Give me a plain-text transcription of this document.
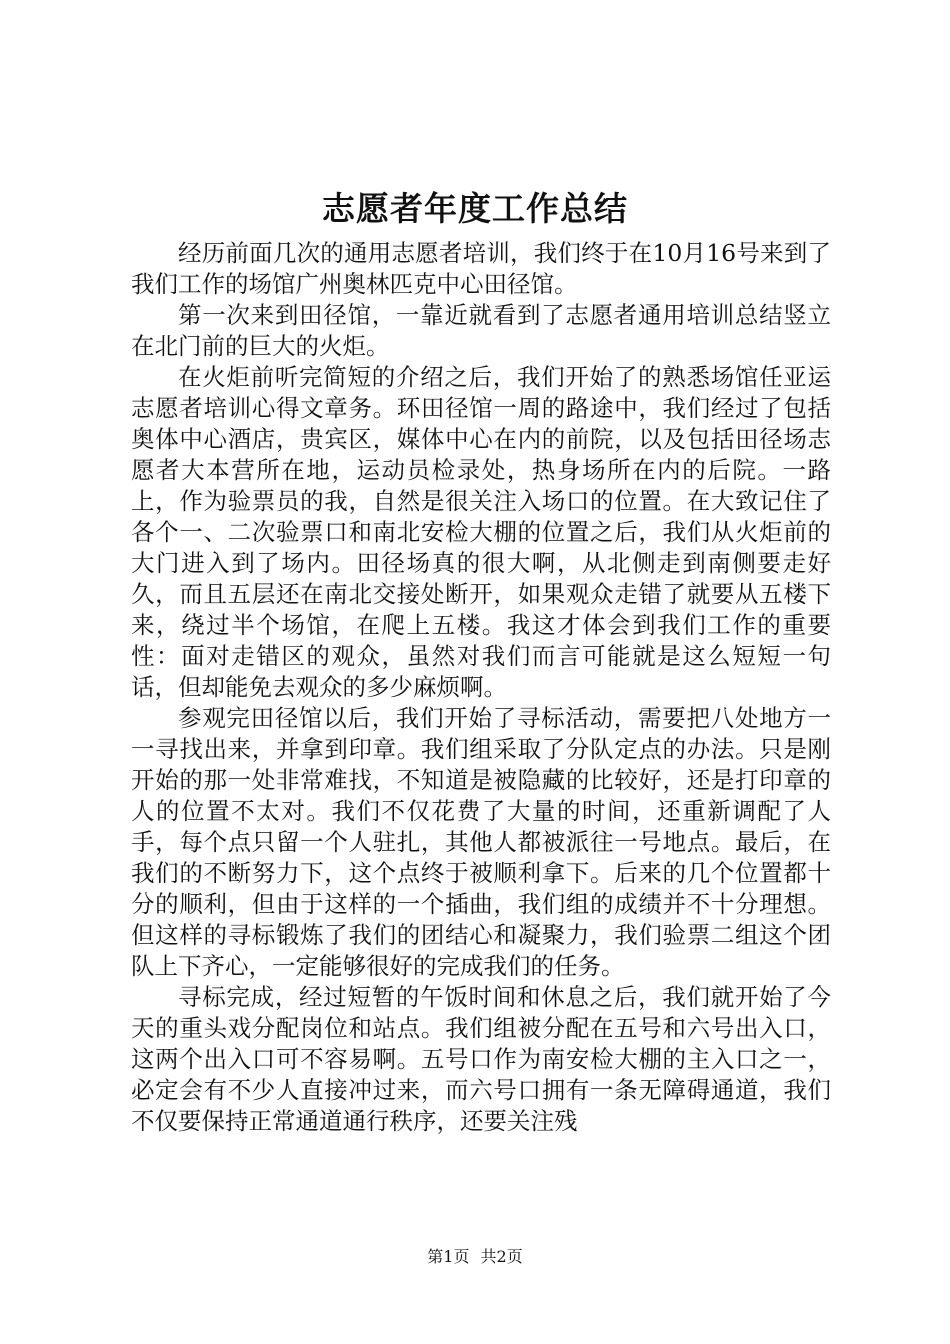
志愿者年度工作总结

经历前面几次的通用志愿者培训，我们终于在10月16号来到了我们工作的场馆广州奥林匹克中心田径馆。

第一次来到田径馆，一靠近就看到了志愿者通用培训总结竖立在北门前的巨大的火炬。

在火炬前听完简短的介绍之后，我们开始了的熟悉场馆任亚运志愿者培训心得文章务。环田径馆一周的路途中，我们经过了包括奥体中心酒店，贵宾区，媒体中心在内的前院，以及包括田径场志愿者大本营所在地，运动员检录处，热身场所在内的后院。一路上，作为验票员的我，自然是很关注入场口的位置。在大致记住了各个一、二次验票口和南北安检大棚的位置之后，我们从火炬前的大门进入到了场内。田径场真的很大啊，从北侧走到南侧要走好久，而且五层还在南北交接处断开，如果观众走错了就要从五楼下来，绕过半个场馆，在爬上五楼。我这才体会到我们工作的重要性：面对走错区的观众，虽然对我们而言可能就是这么短短一句话，但却能免去观众的多少麻烦啊。

参观完田径馆以后，我们开始了寻标活动，需要把八处地方一一寻找出来，并拿到印章。我们组采取了分队定点的办法。只是刚开始的那一处非常难找，不知道是被隐藏的比较好，还是打印章的人的位置不太对。我们不仅花费了大量的时间，还重新调配了人手，每个点只留一个人驻扎，其他人都被派往一号地点。最后，在我们的不断努力下，这个点终于被顺利拿下。后来的几个位置都十分的顺利，但由于这样的一个插曲，我们组的成绩并不十分理想。但这样的寻标锻炼了我们的团结心和凝聚力，我们验票二组这个团队上下齐心，一定能够很好的完成我们的任务。

寻标完成，经过短暂的午饭时间和休息之后，我们就开始了今天的重头戏分配岗位和站点。我们组被分配在五号和六号出入口，这两个出入口可不容易啊。五号口作为南安检大棚的主入口之一，必定会有不少人直接冲过来，而六号口拥有一条无障碍通道，我们不仅要保持正常通道通行秩序，还要关注残

第1页 共2页
